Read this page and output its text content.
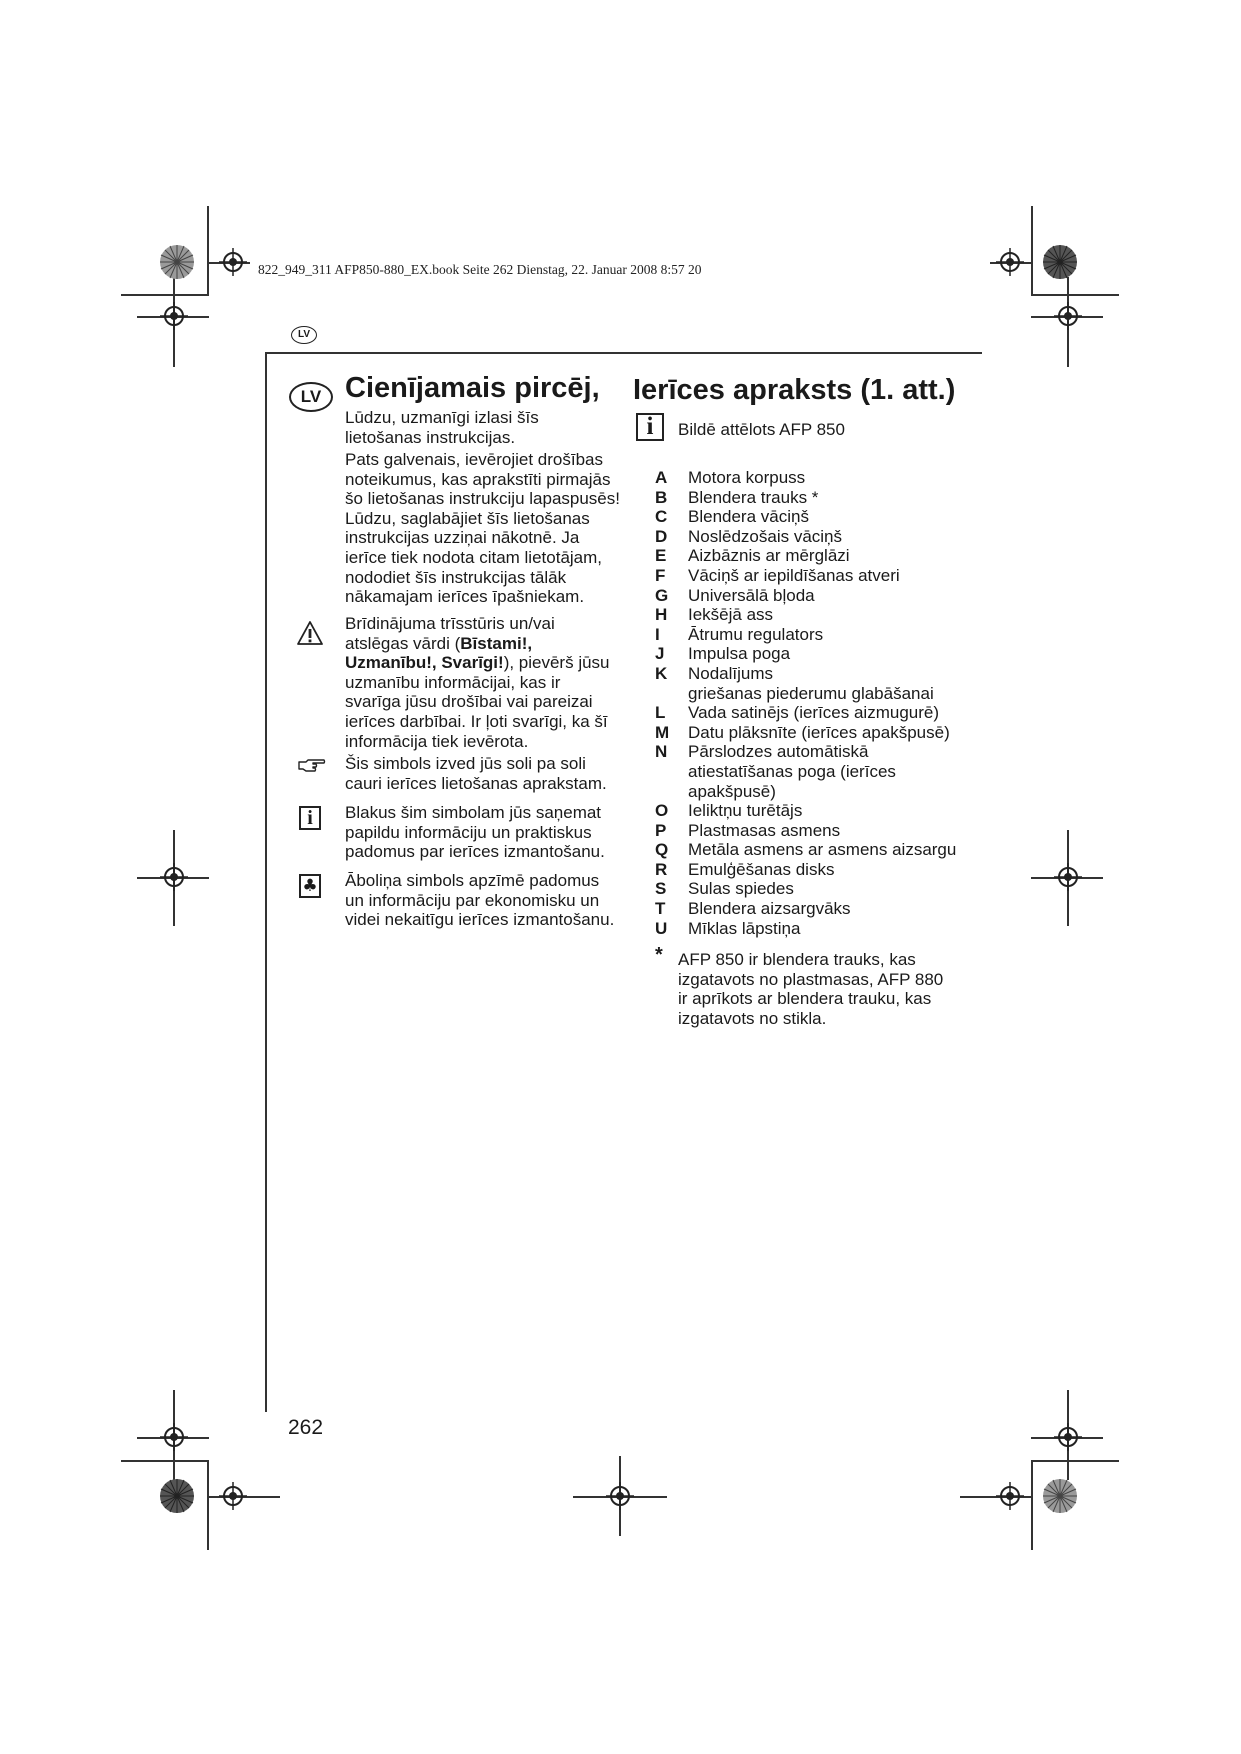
822_949_311 AFP850-880_EX.book Seite 262 Dienstag, 22. Januar 2008 8:57 20
LV
LV Cienījamais pircēj,

Lūdzu, uzmanīgi izlasi šīs

lietošanas instrukcijas.

Pats galvenais, ievērojiet drošības

noteikumus, kas aprakstīti pirmajās

šo lietošanas instrukciju lapaspusēs!

Lūdzu, saglabājiet šīs lietošanas

instrukcijas uzziņai nākotnē. Ja

ierīce tiek nodota citam lietotājam,

nododiet šīs instrukcijas tālāk

nākamajam ierīces īpašniekam.

Brīdinājuma trīsstūris un/vai

atslēgas vārdi (Bīstami!,

Uzmanību!, Svarīgi!), pievērš jūsu

uzmanību informācijai, kas ir

svarīga jūsu drošībai vai pareizai

ierīces darbībai. Ir ļoti svarīgi, ka šī

informācija tiek ievērota.

Šis simbols izved jūs soli pa soli

cauri ierīces lietošanas aprakstam.

i	Blakus šim simbolam jūs saņemat

papildu informāciju un praktiskus

padomus par ierīces izmantošanu.

♣ Āboliņa simbols apzīmē padomus

un informāciju par ekonomisku un

videi nekaitīgu ierīces izmantošanu.

Ierīces apraksts (1. att.)
i	Bildē attēlots AFP 850
A	Motora korpuss
B	Blendera trauks *
C	Blendera vāciņš
D	Noslēdzošais vāciņš
E	Aizbāznis ar mērglāzi
F	Vāciņš ar iepildīšanas atveri
G	Universālā bļoda
H	Iekšējā ass
I	Ātrumu regulators
J	Impulsa poga
K	Nodalījums
griešanas piederumu glabāšanai
L	Vada satinējs (ierīces aizmugurē)
M	Datu plāksnīte (ierīces apakšpusē)
N	Pārslodzes automātiskā
atiestatīšanas poga (ierīces
apakšpusē)
O	Ieliktņu turētājs
P	Plastmasas asmens
Q	Metāla asmens ar asmens aizsargu
R	Emulģēšanas disks
S	Sulas spiedes
T	Blendera aizsargvāks
U	Mīklas lāpstiņa
* AFP 850 ir blendera trauks, kas
izgatavots no plastmasas, AFP 880
ir aprīkots ar blendera trauku, kas
izgatavots no stikla.
262
